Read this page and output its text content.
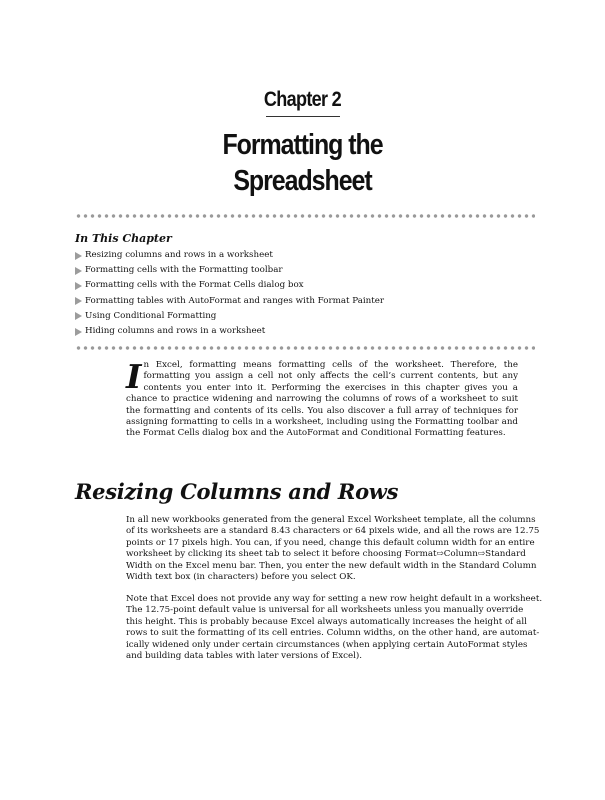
Chapter 2
Formatting the
Spreadsheet
In This Chapter
Resizing columns and rows in a worksheet
Formatting cells with the Formatting toolbar
Formatting cells with the Format Cells dialog box
Formatting tables with AutoFormat and ranges with Format Painter
Using Conditional Formatting
Hiding columns and rows in a worksheet
In Excel, formatting means formatting cells of the worksheet. Therefore, the formatting you assign a cell not only affects the cell’s current contents, but any contents you enter into it. Performing the exercises in this chapter gives you a chance to practice widening and narrowing the columns of rows of a worksheet to suit the formatting and contents of its cells. You also discover a full array of techniques for assigning formatting to cells in a worksheet, including using the Formatting toolbar and the Format Cells dialog box and the AutoFormat and Conditional Formatting features.
Resizing Columns and Rows

In all new workbooks generated from the general Excel Worksheet template, all the columns
of its worksheets are a standard 8.43 characters or 64 pixels wide, and all the rows are 12.75
points or 17 pixels high. You can, if you need, change this default column width for an entire
worksheet by clicking its sheet tab to select it before choosing Format⇨Column⇨Standard
Width on the Excel menu bar. Then, you enter the new default width in the Standard Column
Width text box (in characters) before you select OK.

Note that Excel does not provide any way for setting a new row height default in a worksheet.
The 12.75-point default value is universal for all worksheets unless you manually override
this height. This is probably because Excel always automatically increases the height of all
rows to suit the formatting of its cell entries. Column widths, on the other hand, are automat-
ically widened only under certain circumstances (when applying certain AutoFormat styles
and building data tables with later versions of Excel).
